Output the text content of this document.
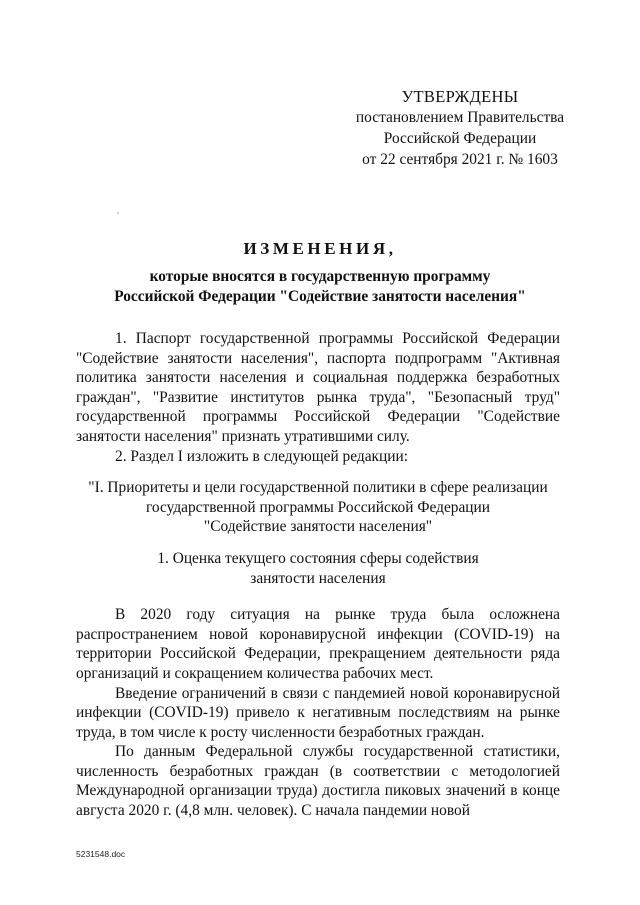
УТВЕРЖДЕНЫ
постановлением Правительства
Российской Федерации
от 22 сентября 2021 г. № 1603
ИЗМЕНЕНИЯ,
которые вносятся в государственную программу
Российской Федерации "Содействие занятости населения"

1. Паспорт государственной программы Российской Федерации "Содействие занятости населения", паспорта подпрограмм "Активная политика занятости населения и социальная поддержка безработных граждан", "Развитие институтов рынка труда", "Безопасный труд" государственной программы Российской Федерации "Содействие занятости населения" признать утратившими силу.

2. Раздел I изложить в следующей редакции:

"I. Приоритеты и цели государственной политики в сфере реализации
государственной программы Российской Федерации
"Содействие занятости населения"
1. Оценка текущего состояния сферы содействия
занятости населения

В 2020 году ситуация на рынке труда была осложнена распространением новой коронавирусной инфекции (COVID-19) на территории Российской Федерации, прекращением деятельности ряда организаций и сокращением количества рабочих мест.

Введение ограничений в связи с пандемией новой коронавирусной инфекции (COVID-19) привело к негативным последствиям на рынке труда, в том числе к росту численности безработных граждан.

По данным Федеральной службы государственной статистики, численность безработных граждан (в соответствии с методологией Международной организации труда) достигла пиковых значений в конце августа 2020 г. (4,8 млн. человек). С начала пандемии новой

5231548.doc
